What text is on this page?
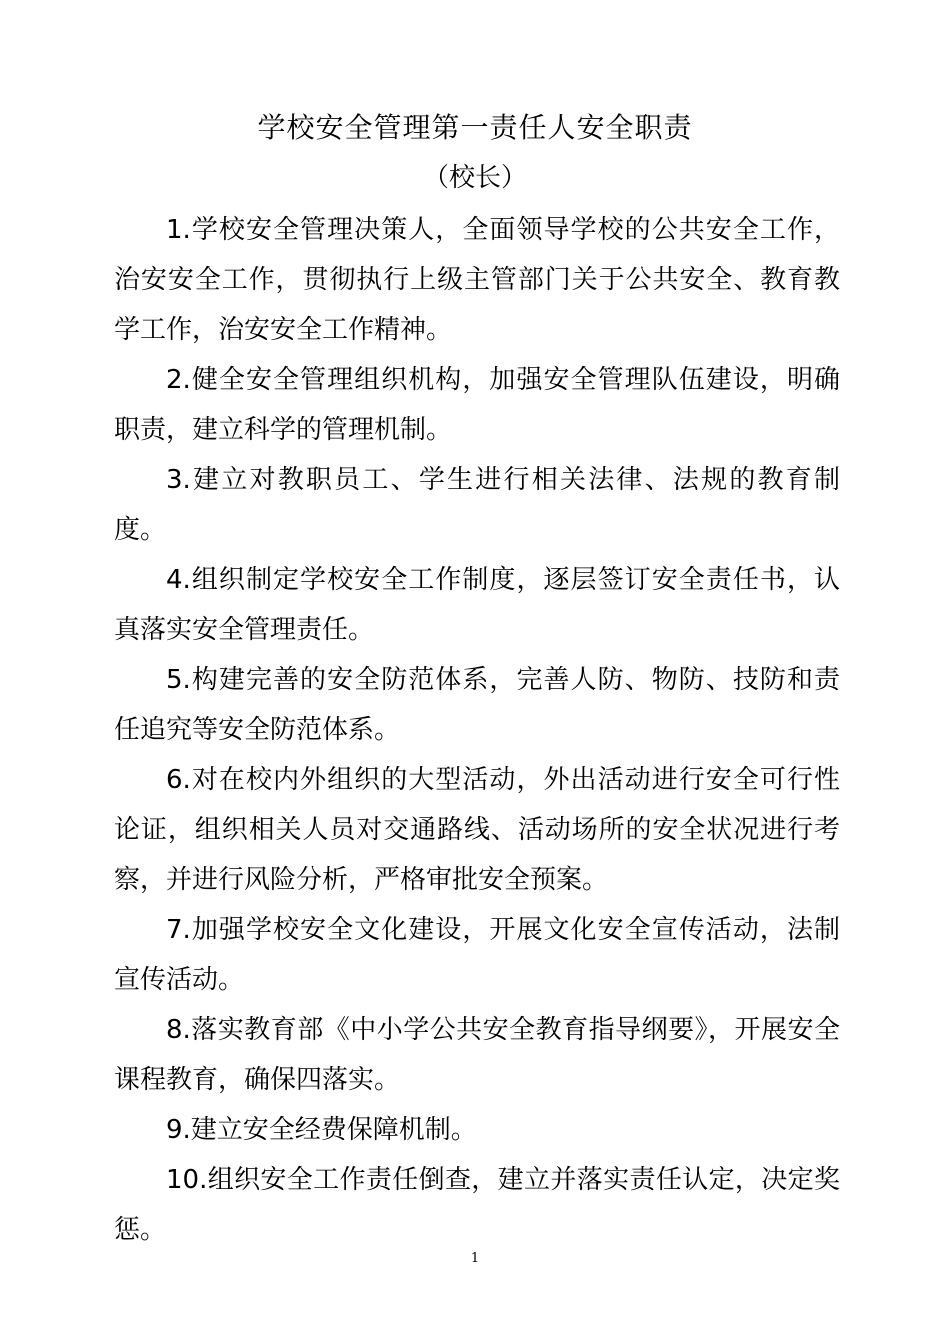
学校安全管理第一责任人安全职责
（校长）

1.学校安全管理决策人，全面领导学校的公共安全工作，治安安全工作，贯彻执行上级主管部门关于公共安全、教育教学工作，治安安全工作精神。

2.健全安全管理组织机构，加强安全管理队伍建设，明确职责，建立科学的管理机制。

3.建立对教职员工、学生进行相关法律、法规的教育制度。

4.组织制定学校安全工作制度，逐层签订安全责任书，认真落实安全管理责任。

5.构建完善的安全防范体系，完善人防、物防、技防和责任追究等安全防范体系。

6.对在校内外组织的大型活动，外出活动进行安全可行性论证，组织相关人员对交通路线、活动场所的安全状况进行考察，并进行风险分析，严格审批安全预案。

7.加强学校安全文化建设，开展文化安全宣传活动，法制宣传活动。

8.落实教育部《中小学公共安全教育指导纲要》，开展安全课程教育，确保四落实。

9.建立安全经费保障机制。

10.组织安全工作责任倒查，建立并落实责任认定，决定奖惩。

1
